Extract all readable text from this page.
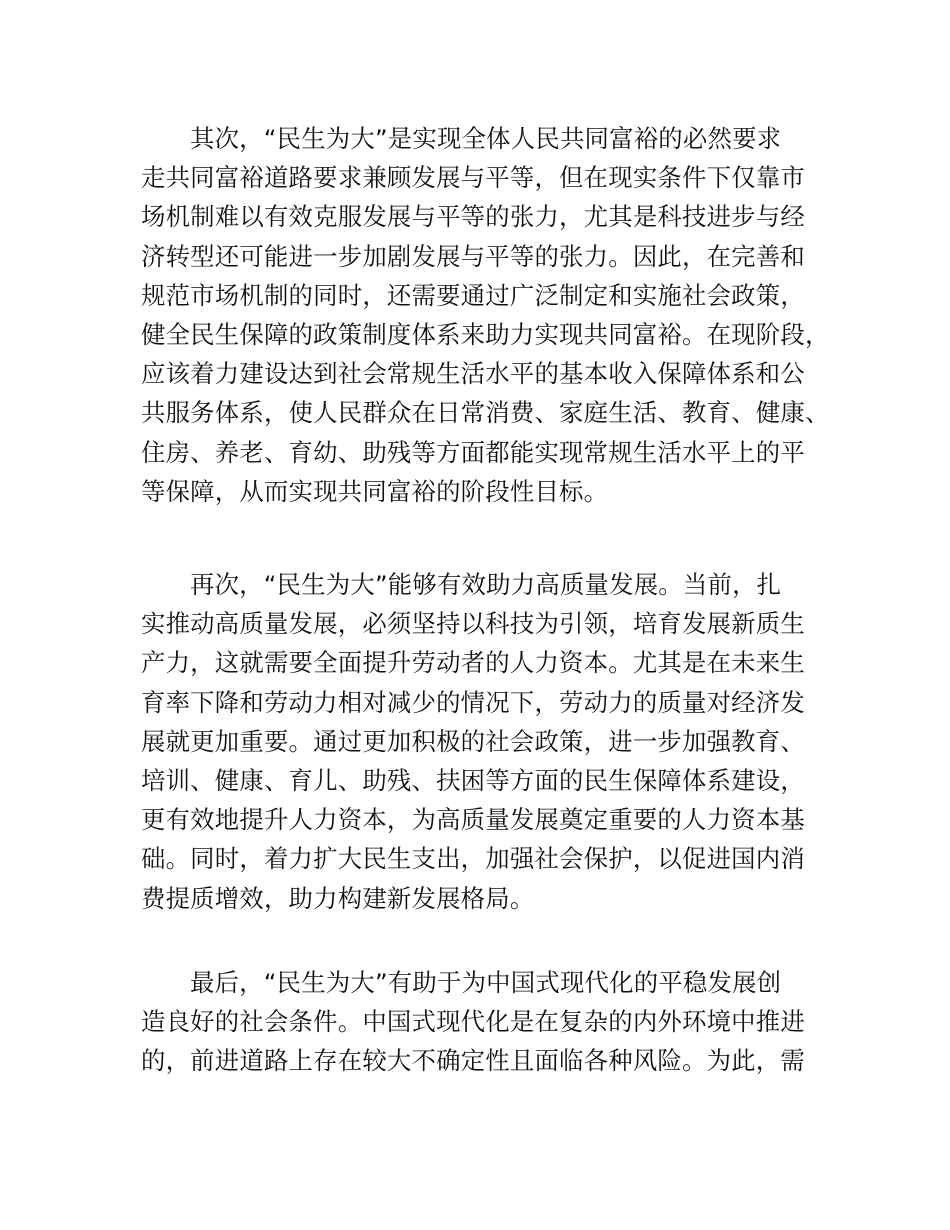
其次，“民生为大”是实现全体人民共同富裕的必然要求
走共同富裕道路要求兼顾发展与平等，但在现实条件下仅靠市
场机制难以有效克服发展与平等的张力，尤其是科技进步与经
济转型还可能进一步加剧发展与平等的张力。因此，在完善和
规范市场机制的同时，还需要通过广泛制定和实施社会政策，
健全民生保障的政策制度体系来助力实现共同富裕。在现阶段，
应该着力建设达到社会常规生活水平的基本收入保障体系和公
共服务体系，使人民群众在日常消费、家庭生活、教育、健康、
住房、养老、育幼、助残等方面都能实现常规生活水平上的平
等保障，从而实现共同富裕的阶段性目标。
再次，“民生为大”能够有效助力高质量发展。当前，扎
实推动高质量发展，必须坚持以科技为引领，培育发展新质生
产力，这就需要全面提升劳动者的人力资本。尤其是在未来生
育率下降和劳动力相对减少的情况下，劳动力的质量对经济发
展就更加重要。通过更加积极的社会政策，进一步加强教育、
培训、健康、育儿、助残、扶困等方面的民生保障体系建设，
更有效地提升人力资本，为高质量发展奠定重要的人力资本基
础。同时，着力扩大民生支出，加强社会保护，以促进国内消
费提质增效，助力构建新发展格局。
最后，“民生为大”有助于为中国式现代化的平稳发展创
造良好的社会条件。中国式现代化是在复杂的内外环境中推进
的，前进道路上存在较大不确定性且面临各种风险。为此，需
